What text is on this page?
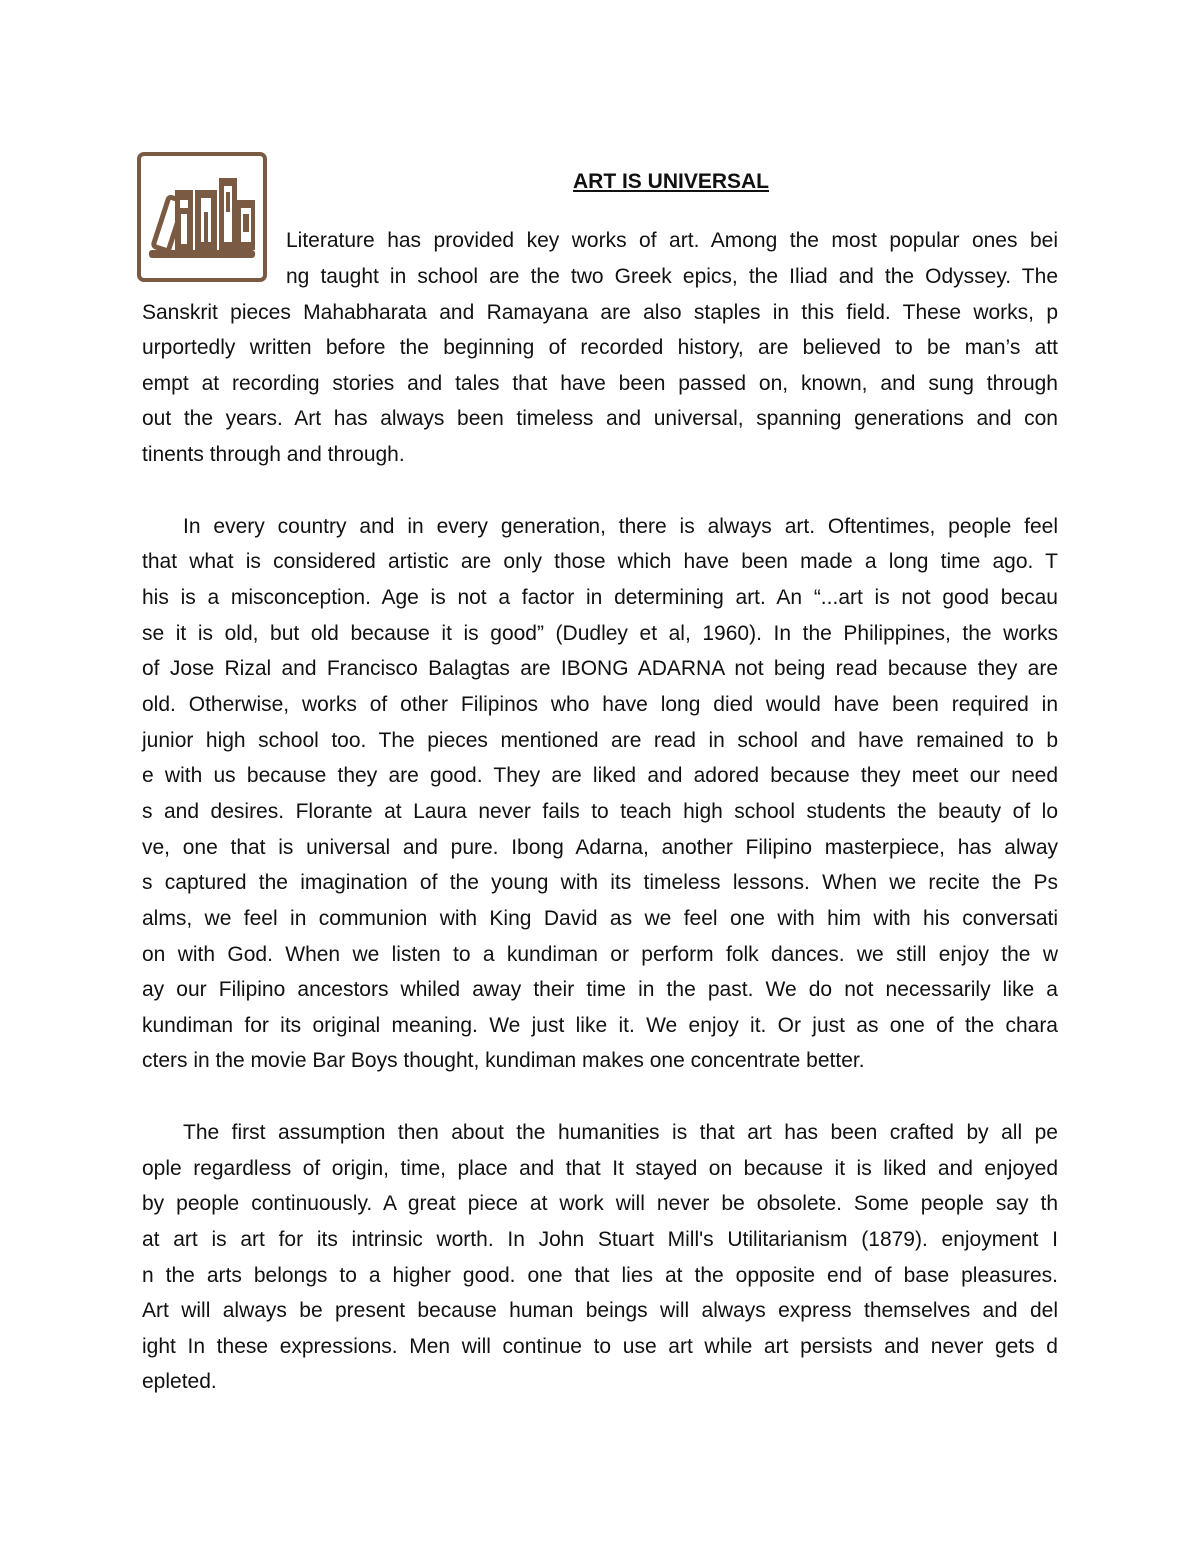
ART IS UNIVERSAL
Literature has provided key works of art. Among the most popular ones bei
ng taught in school are the two Greek epics, the Iliad and the Odyssey. The
Sanskrit pieces Mahabharata and Ramayana are also staples in this field. These works, p
urportedly written before the beginning of recorded history, are believed to be man’s att
empt at recording stories and tales that have been passed on, known, and sung through
out the years. Art has always been timeless and universal, spanning generations and con
tinents through and through.
In every country and in every generation, there is always art. Oftentimes, people feel
that what is considered artistic are only those which have been made a long time ago. T
his is a misconception. Age is not a factor in determining art. An “...art is not good becau
se it is old, but old because it is good” (Dudley et al, 1960). In the Philippines, the works
of Jose Rizal and Francisco Balagtas are IBONG ADARNA not being read because they are
old. Otherwise, works of other Filipinos who have long died would have been required in
junior high school too. The pieces mentioned are read in school and have remained to b
e with us because they are good. They are liked and adored because they meet our need
s and desires. Florante at Laura never fails to teach high school students the beauty of lo
ve, one that is universal and pure. Ibong Adarna, another Filipino masterpiece, has alway
s captured the imagination of the young with its timeless lessons. When we recite the Ps
alms, we feel in communion with King David as we feel one with him with his conversati
on with God. When we listen to a kundiman or perform folk dances. we still enjoy the w
ay our Filipino ancestors whiled away their time in the past. We do not necessarily like a
kundiman for its original meaning. We just like it. We enjoy it. Or just as one of the chara
cters in the movie Bar Boys thought, kundiman makes one concentrate better.
The first assumption then about the humanities is that art has been crafted by all pe
ople regardless of origin, time, place and that It stayed on because it is liked and enjoyed
by people continuously. A great piece at work will never be obsolete. Some people say th
at art is art for its intrinsic worth. In John Stuart Mill's Utilitarianism (1879). enjoyment I
n the arts belongs to a higher good. one that lies at the opposite end of base pleasures.
Art will always be present because human beings will always express themselves and del
ight In these expressions. Men will continue to use art while art persists and never gets d
epleted.
